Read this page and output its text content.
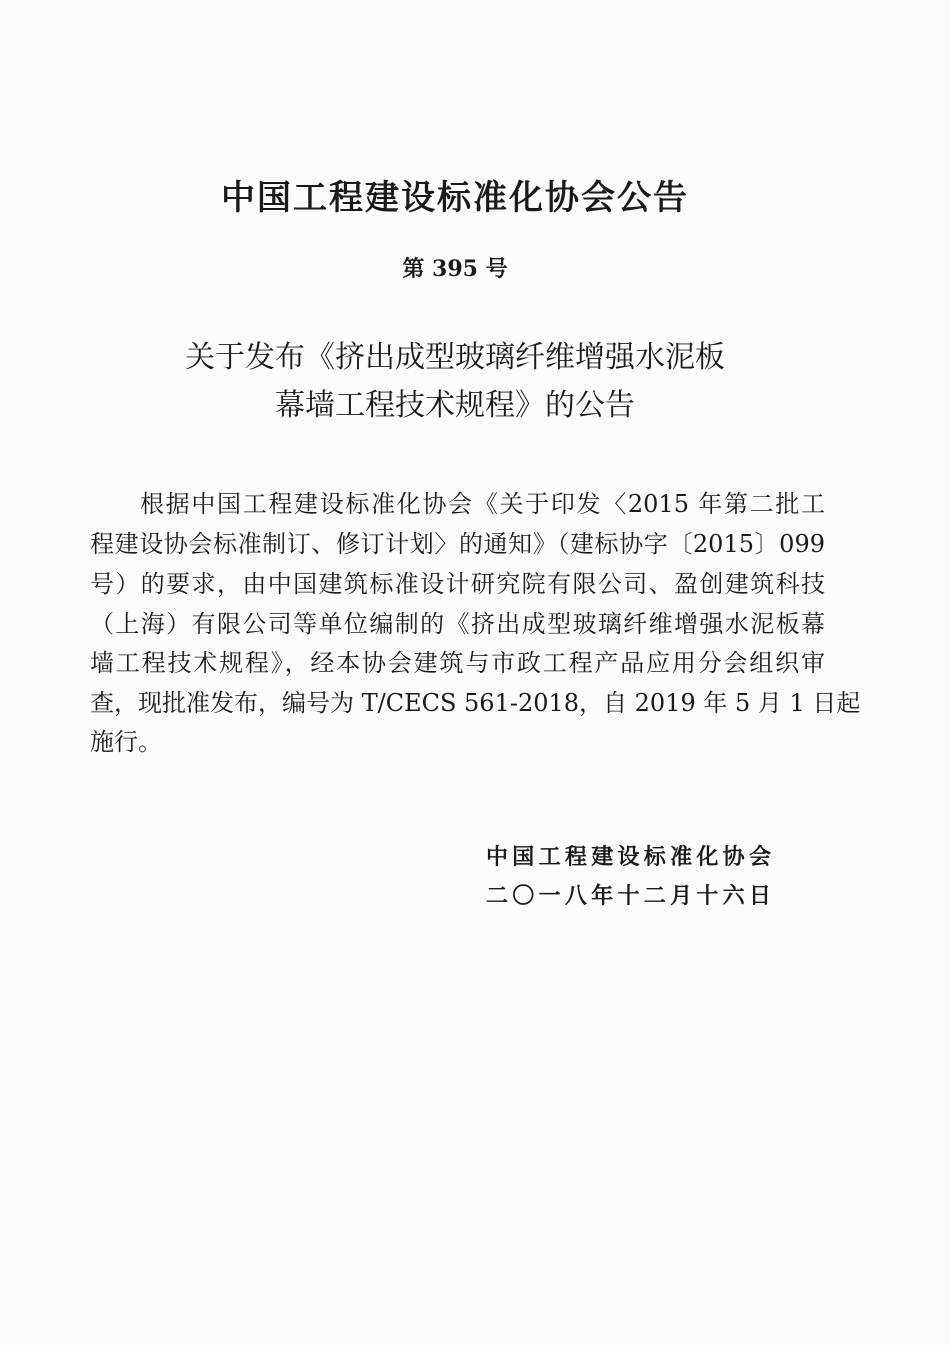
中国工程建设标准化协会公告
第 395 号
关于发布《挤出成型玻璃纤维增强水泥板
幕墙工程技术规程》的公告
根据中国工程建设标准化协会《关于印发〈2015 年第二批工
程建设协会标准制订、修订计划〉的通知》（建标协字〔2015〕099
号）的要求，由中国建筑标准设计研究院有限公司、盈创建筑科技
（上海）有限公司等单位编制的《挤出成型玻璃纤维增强水泥板幕
墙工程技术规程》，经本协会建筑与市政工程产品应用分会组织审
查，现批准发布，编号为 T/CECS 561-2018，自 2019 年 5 月 1 日起
施行。
中国工程建设标准化协会
二〇一八年十二月十六日
